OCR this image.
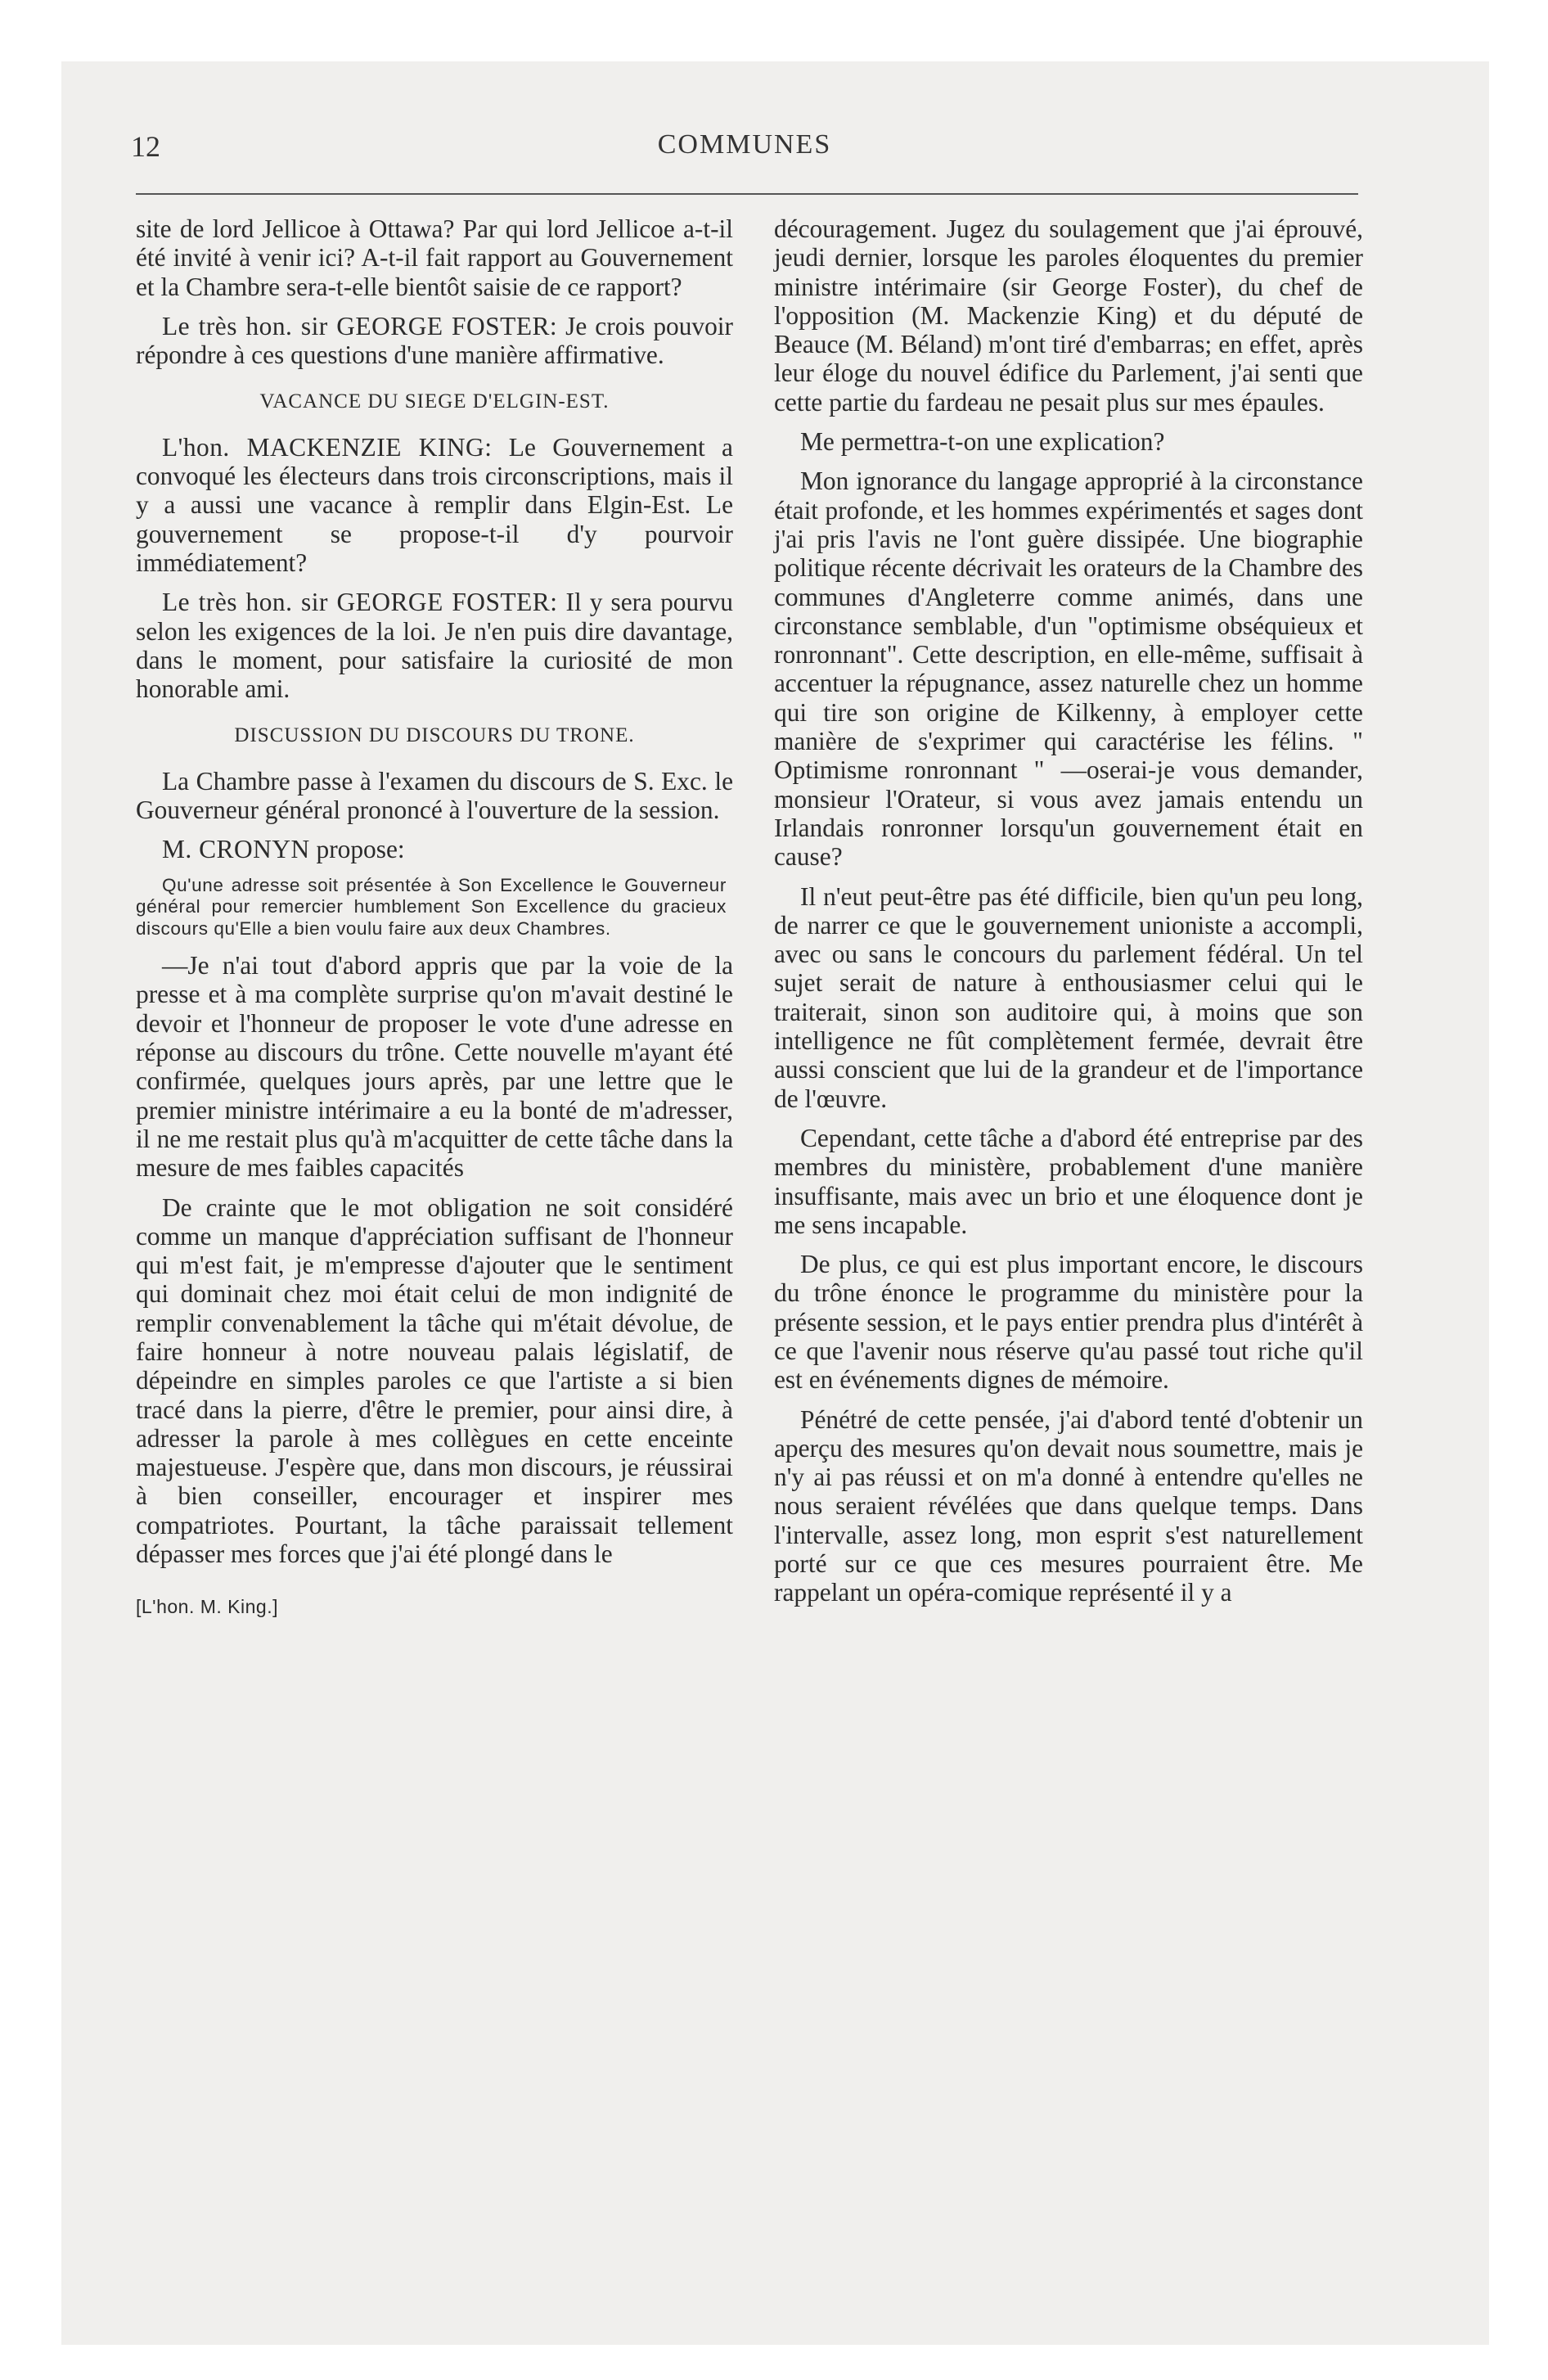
12	COMMUNES

site de lord Jellicoe à Ottawa? Par qui lord Jellicoe a-t-il été invité à venir ici? A-t-il fait rapport au Gouvernement et la Chambre sera-t-elle bientôt saisie de ce rapport?

Le très hon. sir GEORGE FOSTER: Je crois pouvoir répondre à ces questions d'une manière affirmative.

VACANCE DU SIEGE D'ELGIN-EST.

L'hon. MACKENZIE KING: Le Gouvernement a convoqué les électeurs dans trois circonscriptions, mais il y a aussi une vacance à remplir dans Elgin-Est. Le gouvernement se propose-t-il d'y pourvoir immédiatement?

Le très hon. sir GEORGE FOSTER: Il y sera pourvu selon les exigences de la loi. Je n'en puis dire davantage, dans le moment, pour satisfaire la curiosité de mon honorable ami.

DISCUSSION DU DISCOURS DU TRONE.

La Chambre passe à l'examen du discours de S. Exc. le Gouverneur général prononcé à l'ouverture de la session.

M. CRONYN propose:

Qu'une adresse soit présentée à Son Excellence le Gouverneur général pour remercier humblement Son Excellence du gracieux discours qu'Elle a bien voulu faire aux deux Chambres.

—Je n'ai tout d'abord appris que par la voie de la presse et à ma complète surprise qu'on m'avait destiné le devoir et l'honneur de proposer le vote d'une adresse en réponse au discours du trône. Cette nouvelle m'ayant été confirmée, quelques jours après, par une lettre que le premier ministre intérimaire a eu la bonté de m'adresser, il ne me restait plus qu'à m'acquitter de cette tâche dans la mesure de mes faibles capacités

De crainte que le mot obligation ne soit considéré comme un manque d'appréciation suffisant de l'honneur qui m'est fait, je m'empresse d'ajouter que le sentiment qui dominait chez moi était celui de mon indignité de remplir convenablement la tâche qui m'était dévolue, de faire honneur à notre nouveau palais législatif, de dépeindre en simples paroles ce que l'artiste a si bien tracé dans la pierre, d'être le premier, pour ainsi dire, à adresser la parole à mes collègues en cette enceinte majestueuse. J'espère que, dans mon discours, je réussirai à bien conseiller, encourager et inspirer mes compatriotes. Pourtant, la tâche paraissait tellement dépasser mes forces que j'ai été plongé dans le

[L'hon. M. King.]

découragement. Jugez du soulagement que j'ai éprouvé, jeudi dernier, lorsque les paroles éloquentes du premier ministre intérimaire (sir George Foster), du chef de l'opposition (M. Mackenzie King) et du député de Beauce (M. Béland) m'ont tiré d'embarras; en effet, après leur éloge du nouvel édifice du Parlement, j'ai senti que cette partie du fardeau ne pesait plus sur mes épaules.

Me permettra-t-on une explication?

Mon ignorance du langage approprié à la circonstance était profonde, et les hommes expérimentés et sages dont j'ai pris l'avis ne l'ont guère dissipée. Une biographie politique récente décrivait les orateurs de la Chambre des communes d'Angleterre comme animés, dans une circonstance semblable, d'un "optimisme obséquieux et ronronnant". Cette description, en elle-même, suffisait à accentuer la répugnance, assez naturelle chez un homme qui tire son origine de Kilkenny, à employer cette manière de s'exprimer qui caractérise les félins. " Optimisme ronronnant " —oserai-je vous demander, monsieur l'Orateur, si vous avez jamais entendu un Irlandais ronronner lorsqu'un gouvernement était en cause?

Il n'eut peut-être pas été difficile, bien qu'un peu long, de narrer ce que le gouvernement unioniste a accompli, avec ou sans le concours du parlement fédéral. Un tel sujet serait de nature à enthousiasmer celui qui le traiterait, sinon son auditoire qui, à moins que son intelligence ne fût complètement fermée, devrait être aussi conscient que lui de la grandeur et de l'importance de l'œuvre.

Cependant, cette tâche a d'abord été entreprise par des membres du ministère, probablement d'une manière insuffisante, mais avec un brio et une éloquence dont je me sens incapable.

De plus, ce qui est plus important encore, le discours du trône énonce le programme du ministère pour la présente session, et le pays entier prendra plus d'intérêt à ce que l'avenir nous réserve qu'au passé tout riche qu'il est en événements dignes de mémoire.

Pénétré de cette pensée, j'ai d'abord tenté d'obtenir un aperçu des mesures qu'on devait nous soumettre, mais je n'y ai pas réussi et on m'a donné à entendre qu'elles ne nous seraient révélées que dans quelque temps. Dans l'intervalle, assez long, mon esprit s'est naturellement porté sur ce que ces mesures pourraient être. Me rappelant un opéra-comique représenté il y a
